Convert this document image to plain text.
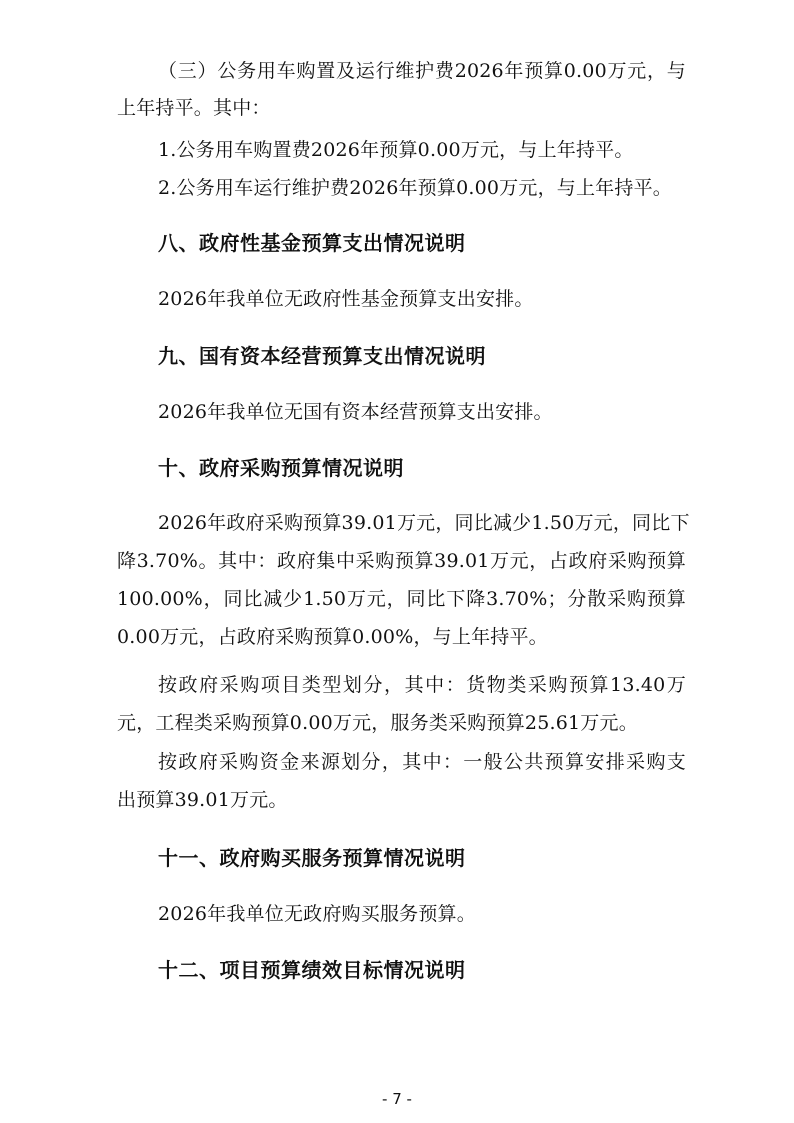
（三）公务用车购置及运行维护费2026年预算0.00万元，与
上年持平。其中：
1.公务用车购置费2026年预算0.00万元，与上年持平。
2.公务用车运行维护费2026年预算0.00万元，与上年持平。
八、政府性基金预算支出情况说明
2026年我单位无政府性基金预算支出安排。
九、国有资本经营预算支出情况说明
2026年我单位无国有资本经营预算支出安排。
十、政府采购预算情况说明
2026年政府采购预算39.01万元，同比减少1.50万元，同比下
降3.70%。其中：政府集中采购预算39.01万元，占政府采购预算
100.00%，同比减少1.50万元，同比下降3.70%；分散采购预算
0.00万元，占政府采购预算0.00%，与上年持平。
按政府采购项目类型划分，其中：货物类采购预算13.40万
元，工程类采购预算0.00万元，服务类采购预算25.61万元。
按政府采购资金来源划分，其中：一般公共预算安排采购支
出预算39.01万元。
十一、政府购买服务预算情况说明
2026年我单位无政府购买服务预算。
十二、项目预算绩效目标情况说明
- 7 -
